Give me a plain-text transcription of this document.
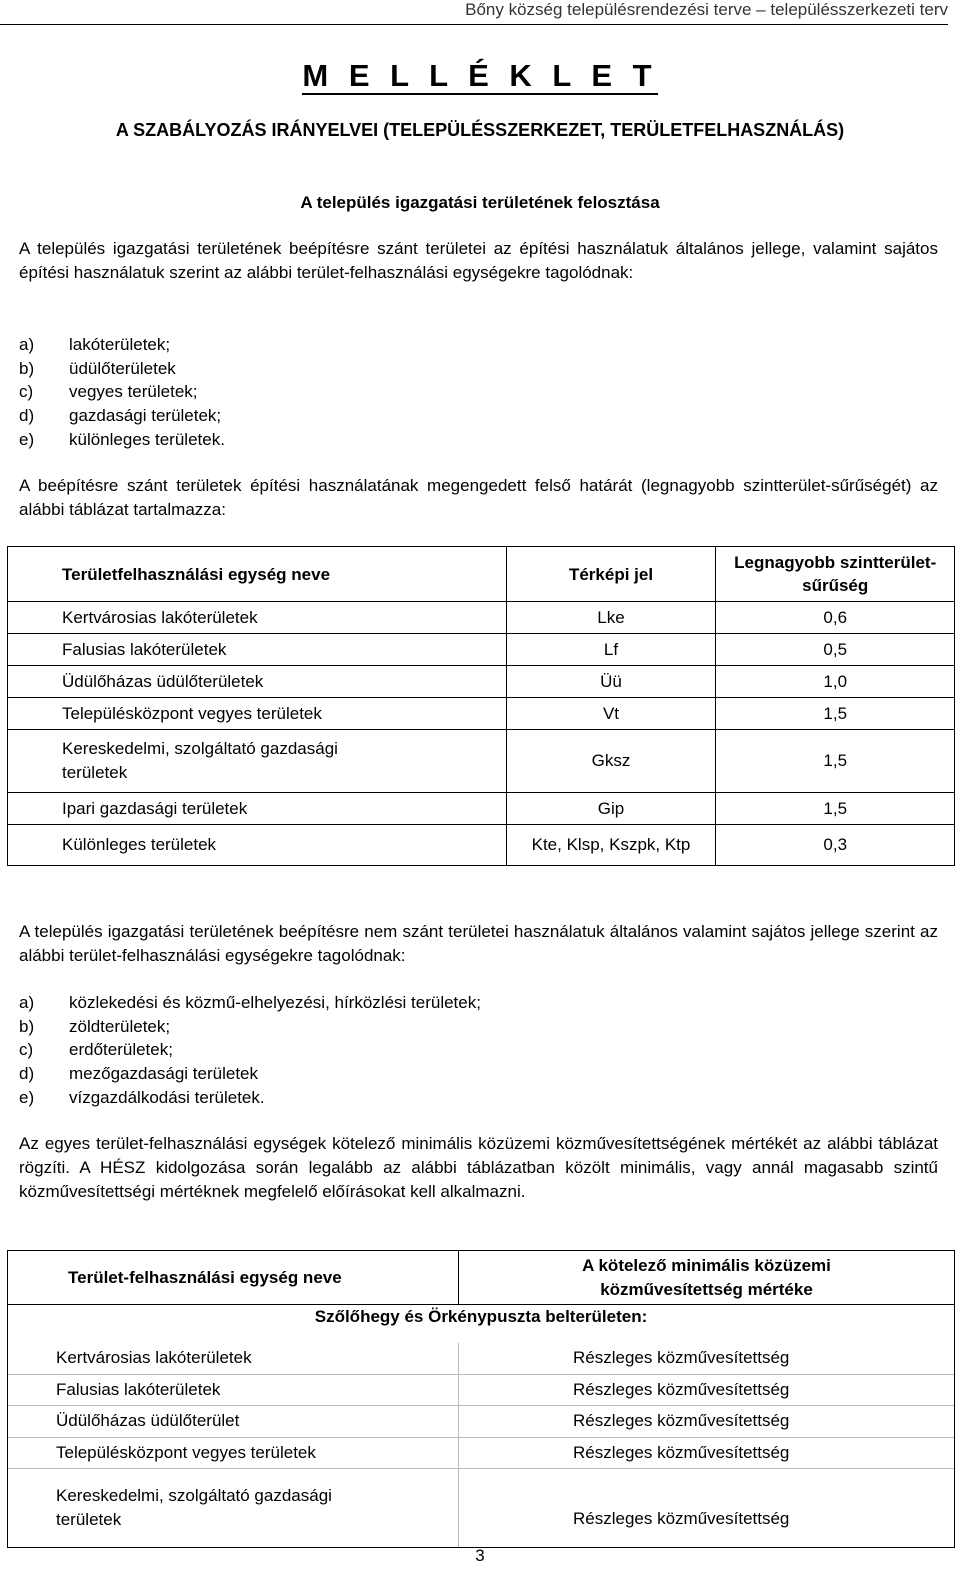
Bőny község településrendezési terve – településszerkezeti terv
M E L L É K L E T
A SZABÁLYOZÁS IRÁNYELVEI (TELEPÜLÉSSZERKEZET, TERÜLETFELHASZNÁLÁS)
A település igazgatási területének felosztása

A település igazgatási területének beépítésre szánt területei az építési használatuk általános jellege, valamint sajátos építési használatuk szerint az alábbi terület-felhasználási egységekre tagolódnak:

a) lakóterületek;
b) üdülőterületek
c) vegyes területek;
d) gazdasági területek;
e) különleges területek.

A beépítésre szánt területek építési használatának megengedett felső határát (legnagyobb szintterület-sűrűségét) az alábbi táblázat tartalmazza:

Területfelhasználási egység neve	Térképi jel	Legnagyobb szintterület-sűrűség
Kertvárosias lakóterületek	Lke	0,6
Falusias lakóterületek	Lf	0,5
Üdülőházas üdülőterületek	Üü	1,0
Településközpont vegyes területek	Vt	1,5
Kereskedelmi, szolgáltató gazdasági területek	Gksz	1,5
Ipari gazdasági területek	Gip	1,5
Különleges területek	Kte, Klsp, Kszpk, Ktp	0,3

A település igazgatási területének beépítésre nem szánt területei használatuk általános valamint sajátos jellege szerint az alábbi terület-felhasználási egységekre tagolódnak:

a) közlekedési és közmű-elhelyezési, hírközlési területek;
b) zöldterületek;
c) erdőterületek;
d) mezőgazdasági területek
e) vízgazdálkodási területek.

Az egyes terület-felhasználási egységek kötelező minimális közüzemi közművesítettségének mértékét az alábbi táblázat rögzíti. A HÉSZ kidolgozása során legalább az alábbi táblázatban közölt minimális, vagy annál magasabb szintű közművesítettségi mértéknek megfelelő előírásokat kell alkalmazni.

Terület-felhasználási egység neve	A kötelező minimális közüzemi közművesítettség mértéke
Szőlőhegy és Örkénypuszta belterületen:	
Kertvárosias lakóterületek	Részleges közművesítettség
Falusias lakóterületek	Részleges közművesítettség
Üdülőházas üdülőterület	Részleges közművesítettség
Településközpont vegyes területek	Részleges közművesítettség
Kereskedelmi, szolgáltató gazdasági területek	Részleges közművesítettség
3
